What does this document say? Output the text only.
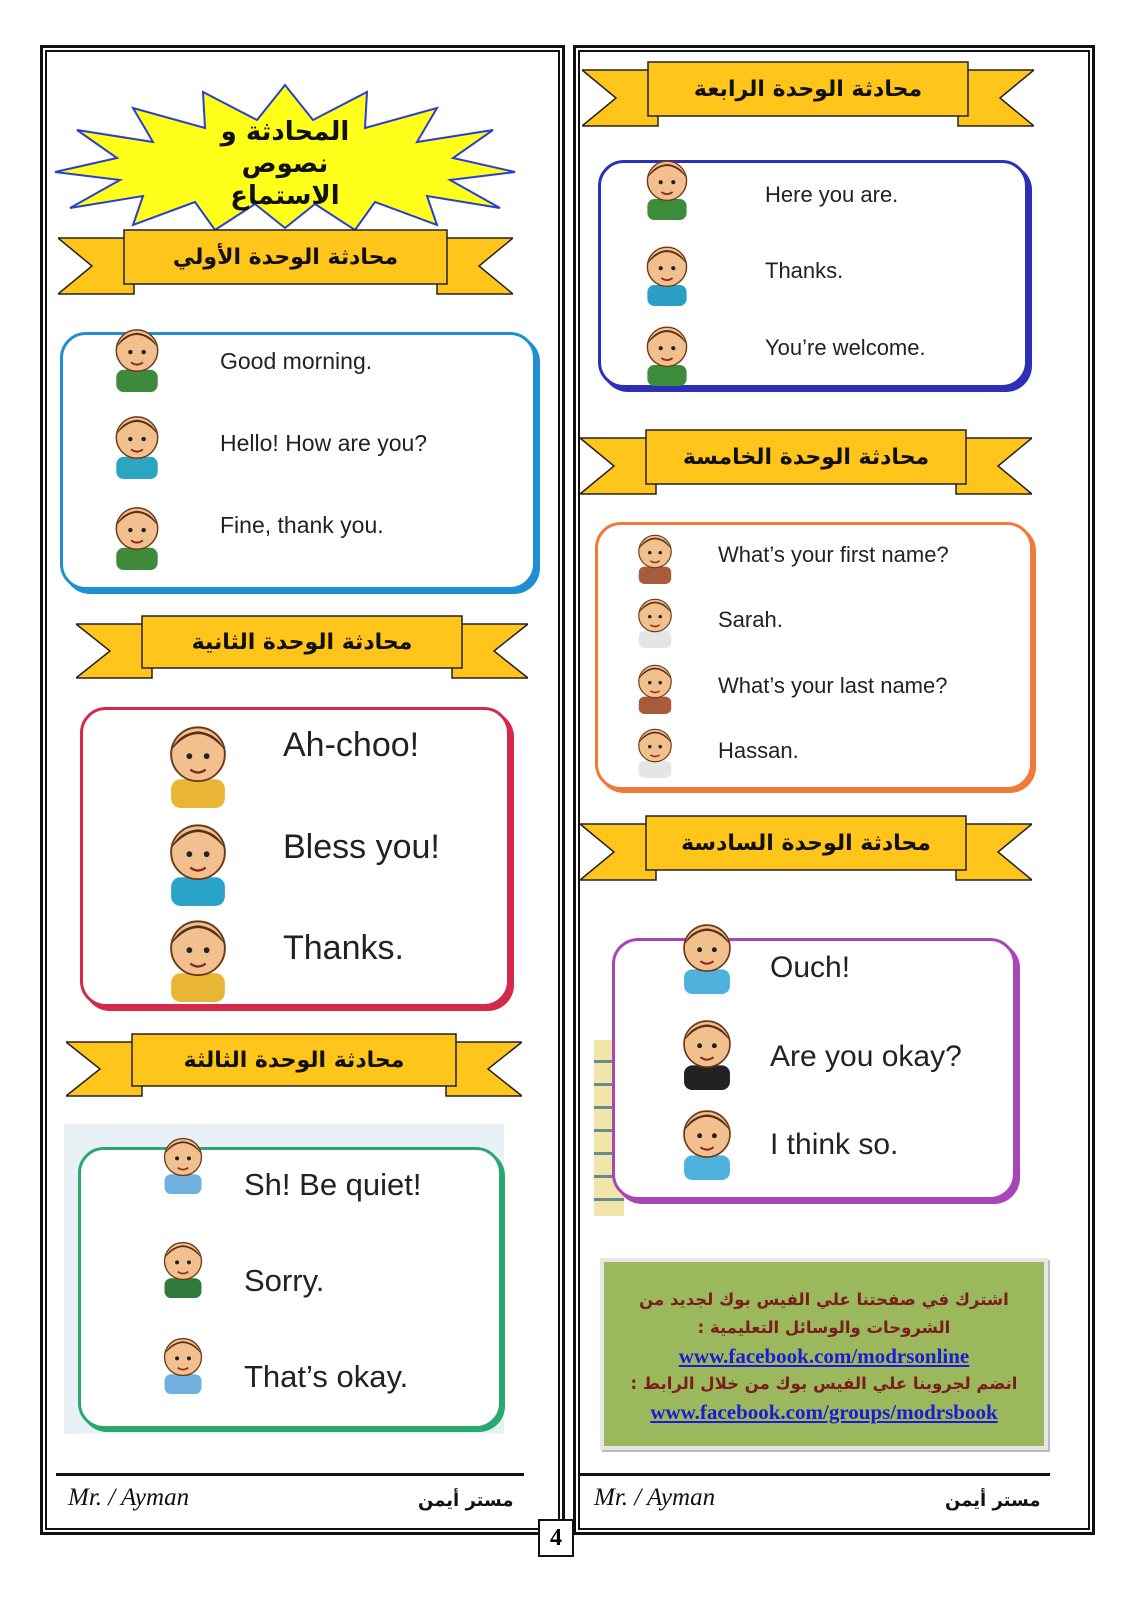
المحادثة و نصوص الاستماع
محادثة الوحدة الأولي
محادثة الوحدة الثانية
محادثة الوحدة الثالثة
محادثة الوحدة الرابعة
محادثة الوحدة الخامسة
محادثة الوحدة السادسة
Good morning.
Hello! How are you?
Fine, thank you.
Ah-choo!
Bless you!
Thanks.
Sh! Be quiet!
Sorry.
That’s okay.
Here you are.
Thanks.
You’re welcome.
What’s your first name?
Sarah.
What’s your last name?
Hassan.
Ouch!
Are you okay?
I think so.
اشترك في صفحتنا علي الفيس بوك لجديد من
الشروحات والوسائل التعليمية :
www.facebook.com/modrsonline
انضم لجروبنا علي الفيس بوك من خلال الرابط :
www.facebook.com/groups/modrsbook
Mr. / Ayman	مستر أيمن	Mr. / Ayman	مستر أيمن
4
